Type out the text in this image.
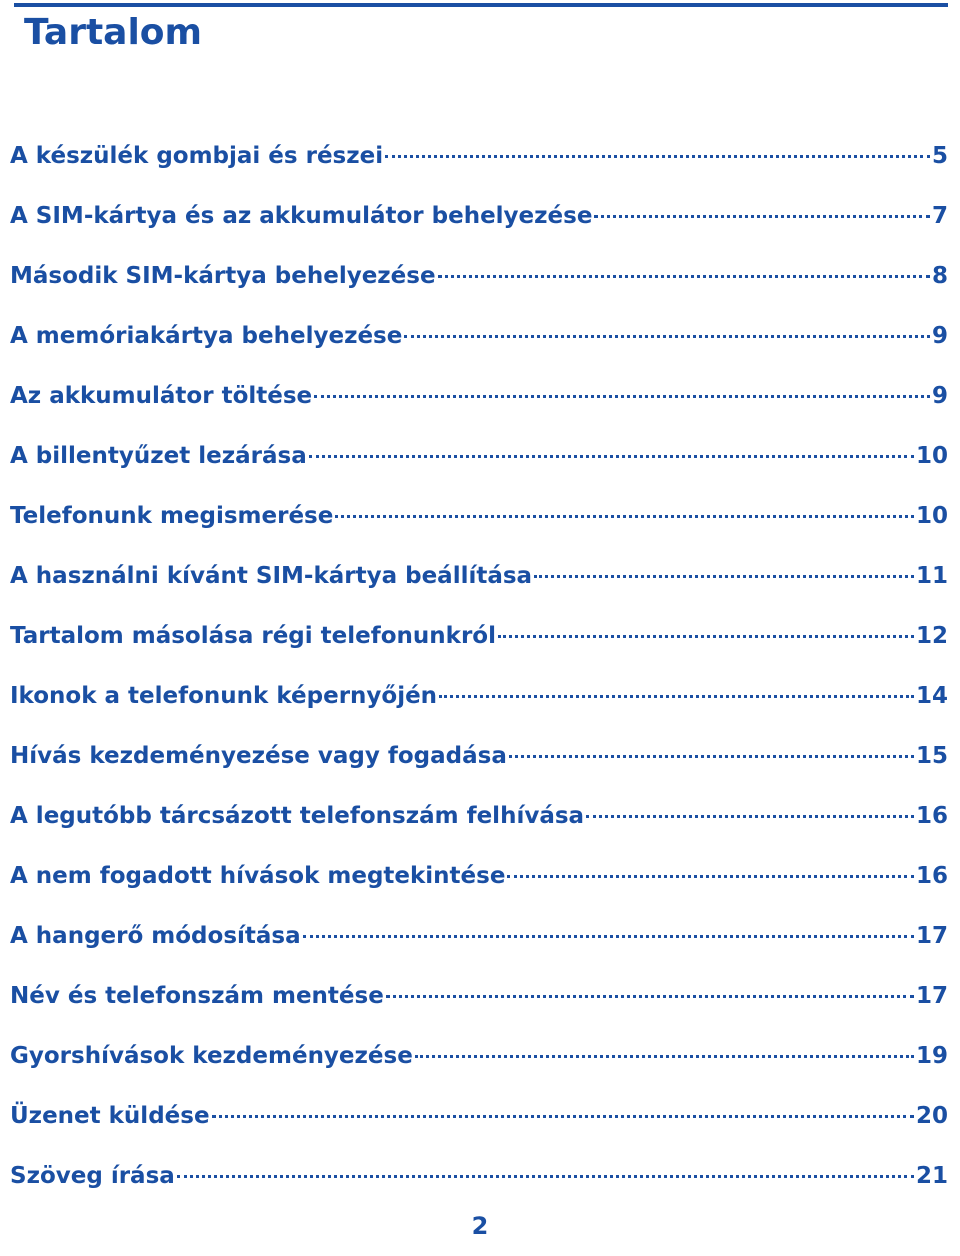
Tartalom
A készülék gombjai és részei	5
A SIM-kártya és az akkumulátor behelyezése	7
Második SIM-kártya behelyezése	8
A memóriakártya behelyezése	9
Az akkumulátor töltése	9
A billentyűzet lezárása	10
Telefonunk megismerése	10
A használni kívánt SIM-kártya beállítása	11
Tartalom másolása régi telefonunkról	12
Ikonok a telefonunk képernyőjén	14
Hívás kezdeményezése vagy fogadása	15
A legutóbb tárcsázott telefonszám felhívása	16
A nem fogadott hívások megtekintése	16
A hangerő módosítása	17
Név és telefonszám mentése	17
Gyorshívások kezdeményezése	19
Üzenet küldése	20
Szöveg írása	21
2
